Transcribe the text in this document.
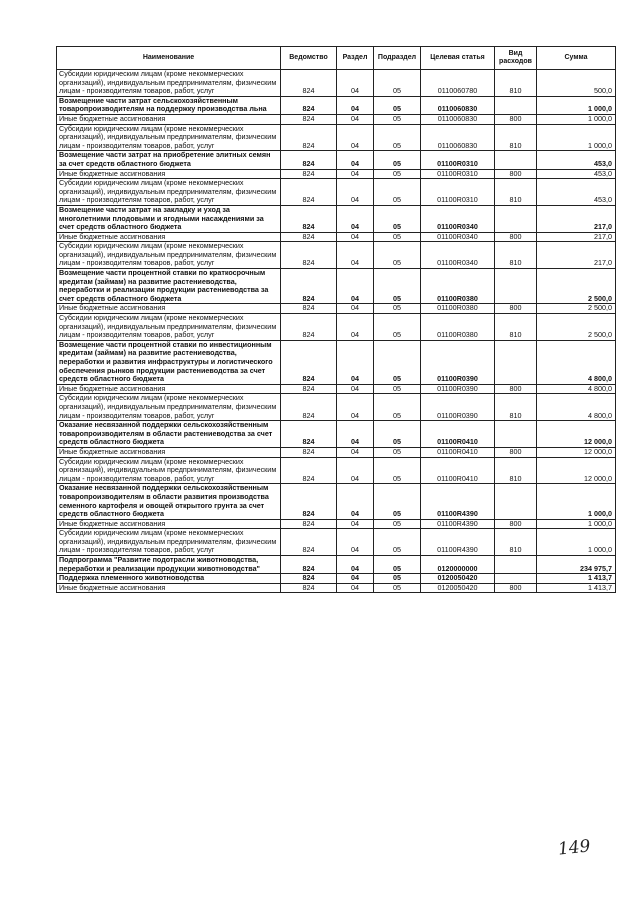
Наименование	Ведомство	Раздел	Подраздел	Целевая статья	Вид расходов	Сумма
Субсидии юридическим лицам (кроме некоммерческих организаций), индивидуальным предпринимателям, физическим лицам - производителям товаров, работ, услуг	824	04	05	0110060780	810	500,0
Возмещение части затрат сельскохозяйственным товаропроизводителям на поддержку производства льна	824	04	05	0110060830		1 000,0
Иные бюджетные ассигнования	824	04	05	0110060830	800	1 000,0
Субсидии юридическим лицам (кроме некоммерческих организаций), индивидуальным предпринимателям, физическим лицам - производителям товаров, работ, услуг	824	04	05	0110060830	810	1 000,0
Возмещение части затрат на приобретение элитных семян за счет средств областного бюджета	824	04	05	01100R0310		453,0
Иные бюджетные ассигнования	824	04	05	01100R0310	800	453,0
Субсидии юридическим лицам (кроме некоммерческих организаций), индивидуальным предпринимателям, физическим лицам - производителям товаров, работ, услуг	824	04	05	01100R0310	810	453,0
Возмещение части затрат на закладку и уход за многолетними плодовыми и ягодными насаждениями за счет средств областного бюджета	824	04	05	01100R0340		217,0
Иные бюджетные ассигнования	824	04	05	01100R0340	800	217,0
Субсидии юридическим лицам (кроме некоммерческих организаций), индивидуальным предпринимателям, физическим лицам - производителям товаров, работ, услуг	824	04	05	01100R0340	810	217,0
Возмещение части процентной ставки по краткосрочным кредитам (займам) на развитие растениеводства, переработки и реализации продукции растениеводства за счет средств областного бюджета	824	04	05	01100R0380		2 500,0
Иные бюджетные ассигнования	824	04	05	01100R0380	800	2 500,0
Субсидии юридическим лицам (кроме некоммерческих организаций), индивидуальным предпринимателям, физическим лицам - производителям товаров, работ, услуг	824	04	05	01100R0380	810	2 500,0
Возмещение части процентной ставки по инвестиционным кредитам (займам) на развитие растениеводства, переработки и развития инфраструктуры и логистического обеспечения рынков продукции растениеводства за счет средств областного бюджета	824	04	05	01100R0390		4 800,0
Иные бюджетные ассигнования	824	04	05	01100R0390	800	4 800,0
Субсидии юридическим лицам (кроме некоммерческих организаций), индивидуальным предпринимателям, физическим лицам - производителям товаров, работ, услуг	824	04	05	01100R0390	810	4 800,0
Оказание несвязанной поддержки сельскохозяйственным товаропроизводителям в области растениеводства за счет средств областного бюджета	824	04	05	01100R0410		12 000,0
Иные бюджетные ассигнования	824	04	05	01100R0410	800	12 000,0
Субсидии юридическим лицам (кроме некоммерческих организаций), индивидуальным предпринимателям, физическим лицам - производителям товаров, работ, услуг	824	04	05	01100R0410	810	12 000,0
Оказание несвязанной поддержки сельскохозяйственным товаропроизводителям в области развития производства семенного картофеля и овощей открытого грунта за счет средств областного бюджета	824	04	05	01100R4390		1 000,0
Иные бюджетные ассигнования	824	04	05	01100R4390	800	1 000,0
Субсидии юридическим лицам (кроме некоммерческих организаций), индивидуальным предпринимателям, физическим лицам - производителям товаров, работ, услуг	824	04	05	01100R4390	810	1 000,0
Подпрограмма "Развитие подотрасли животноводства, переработки и реализации продукции животноводства"	824	04	05	0120000000		234 975,7
Поддержка племенного животноводства	824	04	05	0120050420		1 413,7
Иные бюджетные ассигнования	824	04	05	0120050420	800	1 413,7
149
